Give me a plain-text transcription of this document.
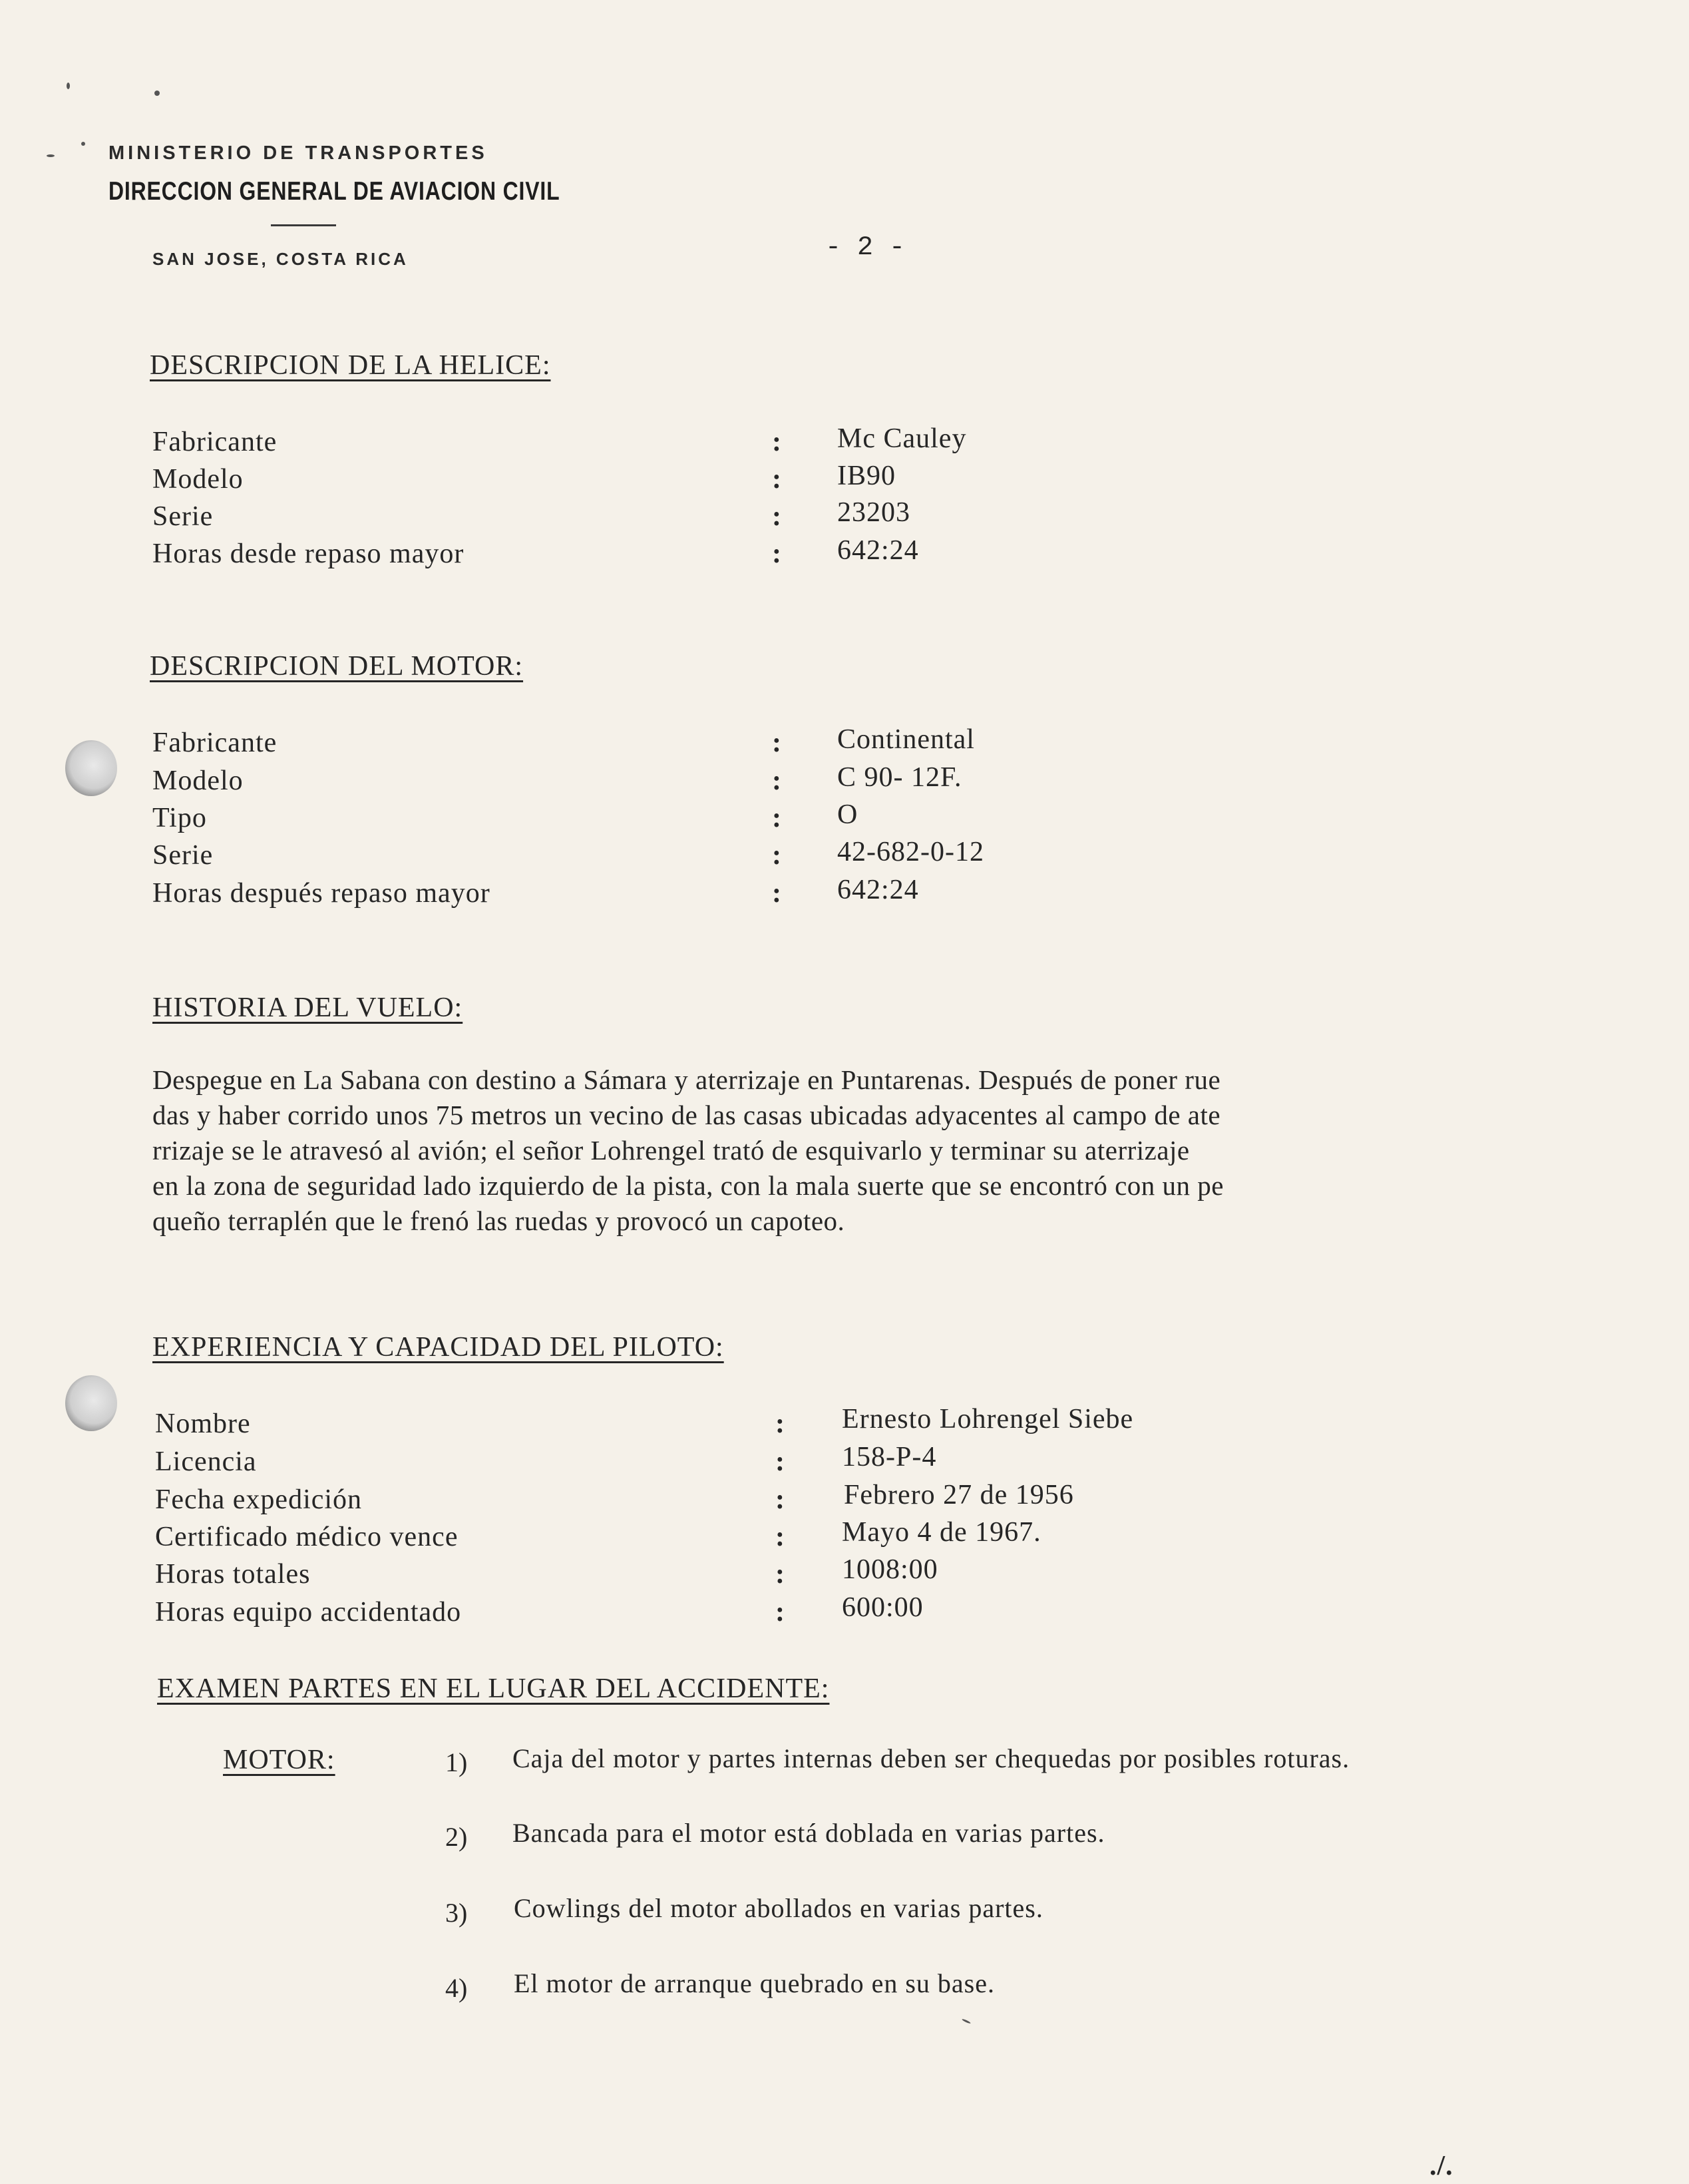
MINISTERIO DE TRANSPORTES
DIRECCION GENERAL DE AVIACION CIVIL
SAN JOSE, COSTA RICA	- 2 -
DESCRIPCION DE LA HELICE:
Fabricante	: Mc Cauley
Modelo	: IB90
Serie	: 23203
Horas desde repaso mayor	: 642:24
DESCRIPCION DEL MOTOR:
Fabricante	: Continental
Modelo	: C 90- 12F.
Tipo	: O
Serie	: 42-682-0-12
Horas después repaso mayor	: 642:24
HISTORIA DEL VUELO:
Despegue en La Sabana con destino a Sámara y aterrizaje en Puntarenas. Después de poner rue
das y haber corrido unos 75 metros un vecino de las casas ubicadas adyacentes al campo de ate
rrizaje se le atravesó al avión; el señor Lohrengel trató de esquivarlo y terminar su aterrizaje
en la zona de seguridad lado izquierdo de la pista, con la mala suerte que se encontró con un pe
queño terraplén que le frenó las ruedas y provocó un capoteo.
EXPERIENCIA Y CAPACIDAD DEL PILOTO:
Nombre	: Ernesto Lohrengel Siebe
Licencia	: 158-P-4
Fecha expedición	: Febrero 27 de 1956
Certificado médico vence	: Mayo 4 de 1967.
Horas totales	: 1008:00
Horas equipo accidentado	: 600:00
EXAMEN PARTES EN EL LUGAR DEL ACCIDENTE:
MOTOR:	1) Caja del motor y partes internas deben ser chequedas por posibles roturas.
2) Bancada para el motor está doblada en varias partes.
3) Cowlings del motor abollados en varias partes.
4) El motor de arranque quebrado en su base.
./.
